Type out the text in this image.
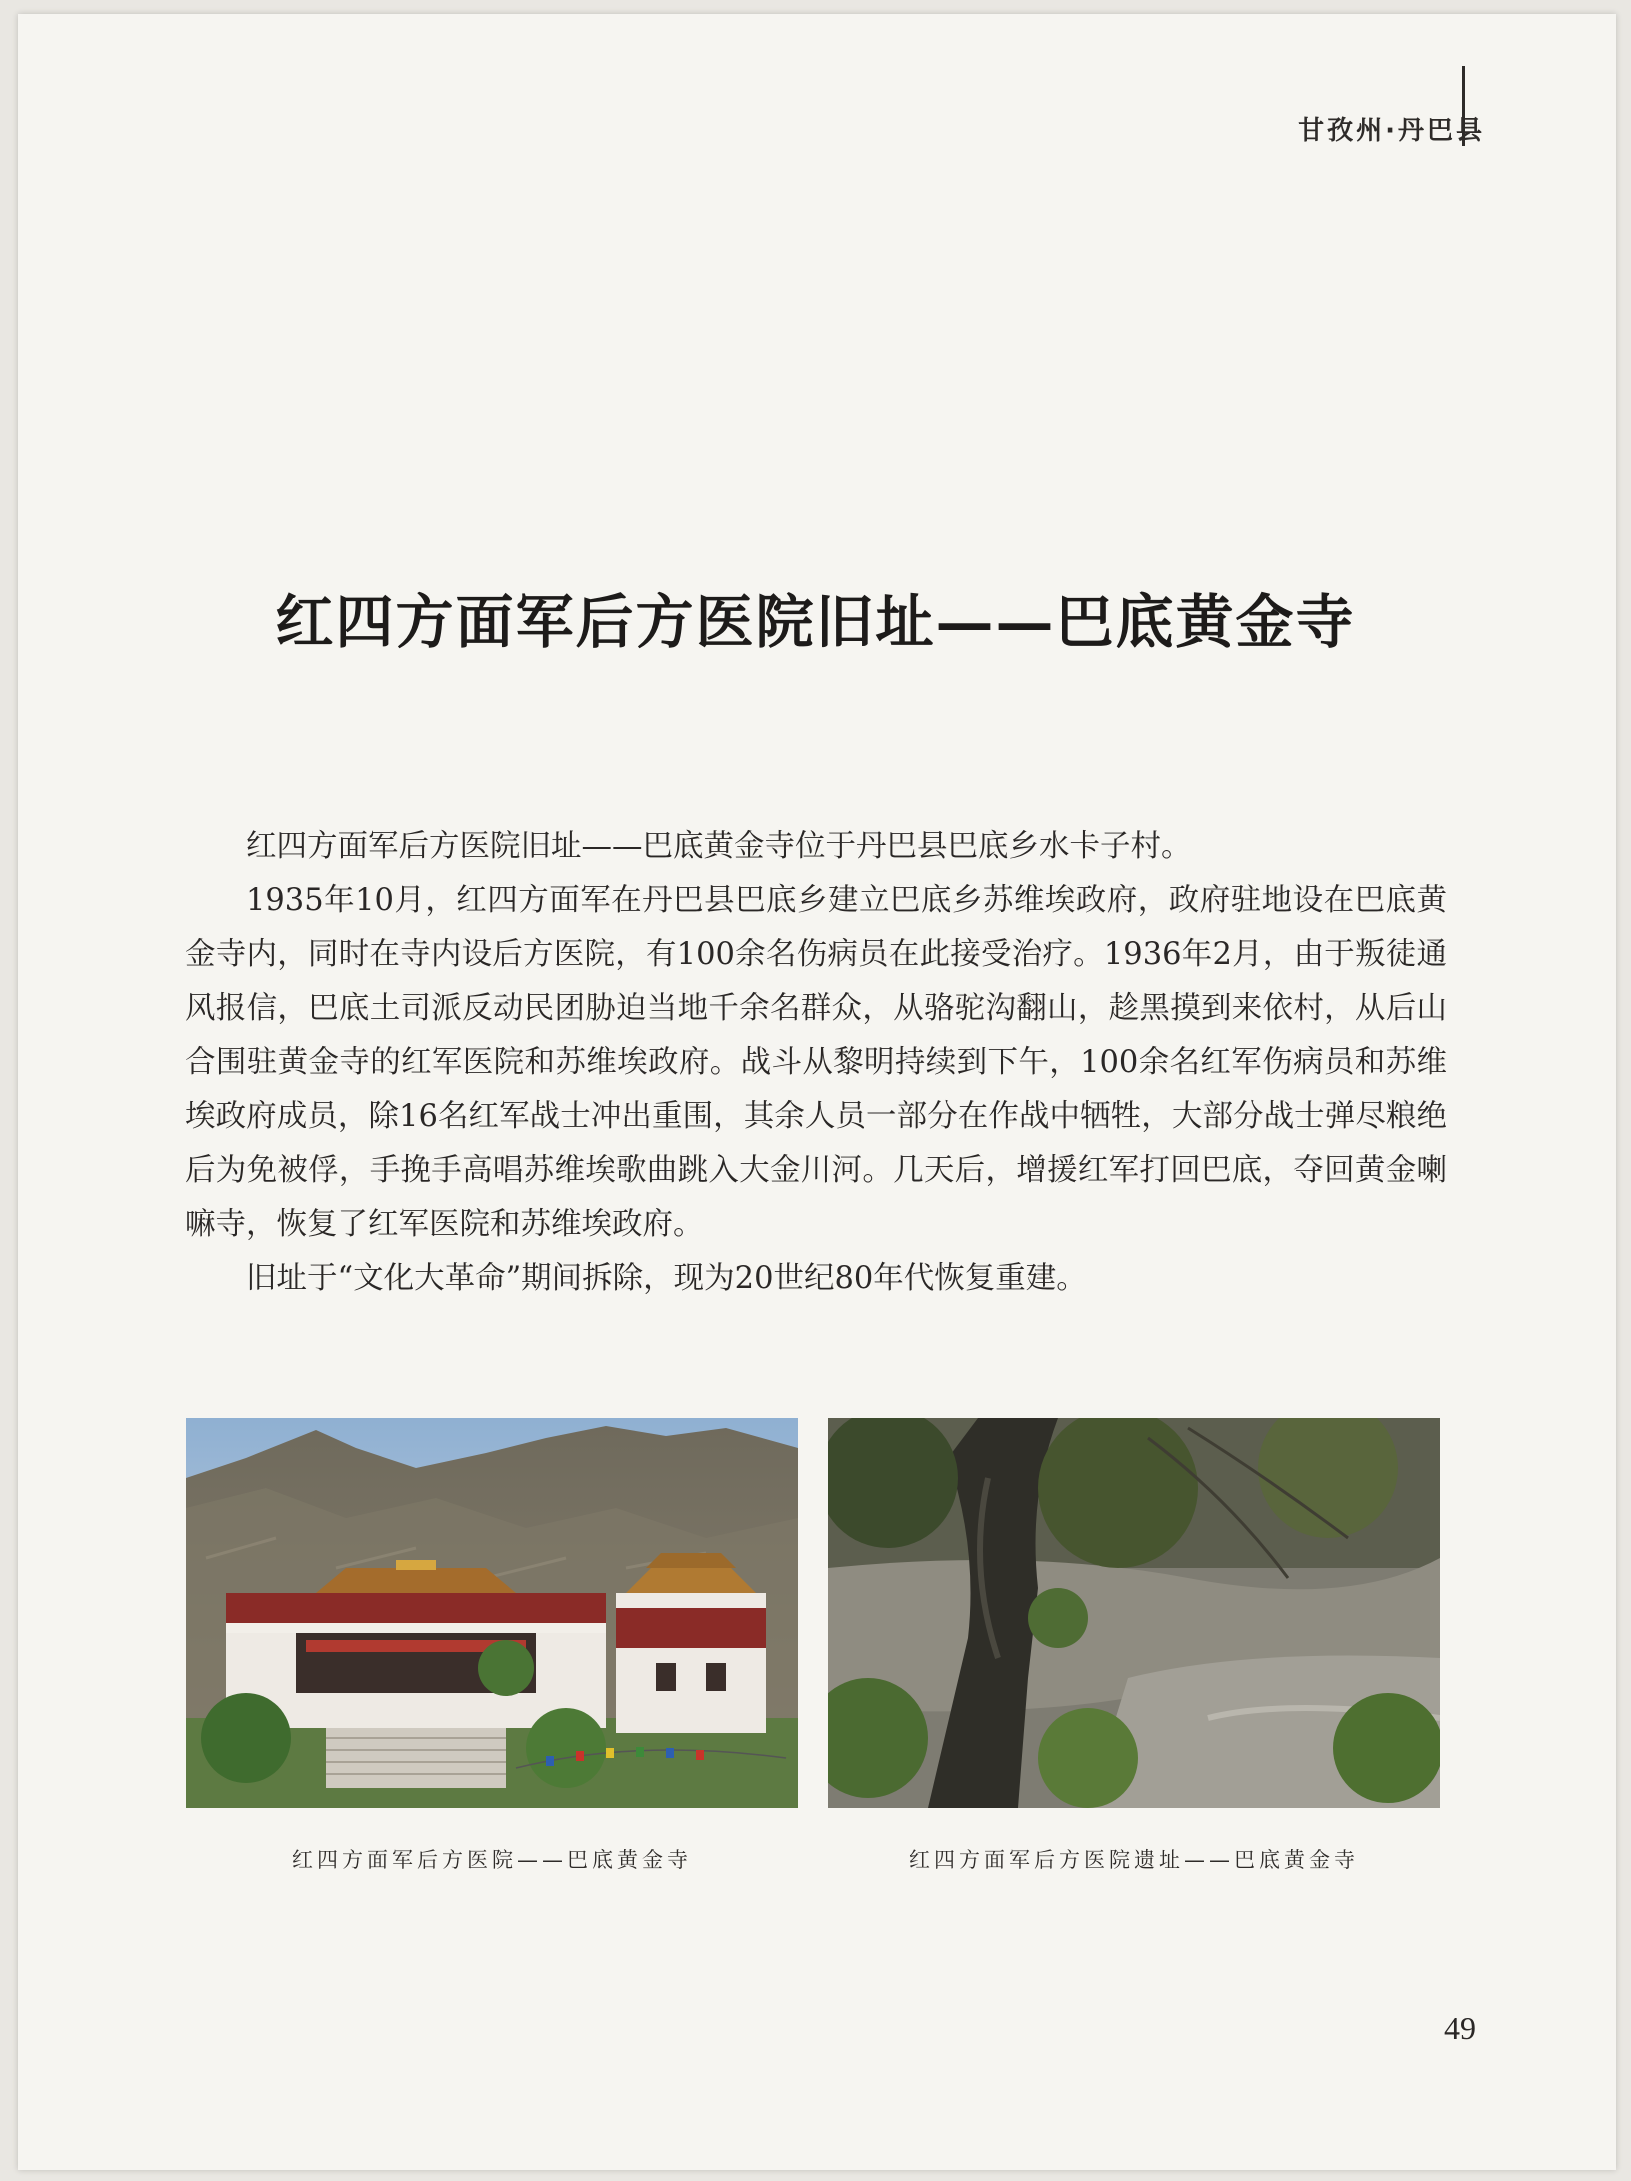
甘孜州·丹巴县
红四方面军后方医院旧址——巴底黄金寺

红四方面军后方医院旧址——巴底黄金寺位于丹巴县巴底乡水卡子村。

1935年10月，红四方面军在丹巴县巴底乡建立巴底乡苏维埃政府，政府驻地设在巴底黄金寺内，同时在寺内设后方医院，有100余名伤病员在此接受治疗。1936年2月，由于叛徒通风报信，巴底土司派反动民团胁迫当地千余名群众，从骆驼沟翻山，趁黑摸到来依村，从后山合围驻黄金寺的红军医院和苏维埃政府。战斗从黎明持续到下午，100余名红军伤病员和苏维埃政府成员，除16名红军战士冲出重围，其余人员一部分在作战中牺牲，大部分战士弹尽粮绝后为免被俘，手挽手高唱苏维埃歌曲跳入大金川河。几天后，增援红军打回巴底，夺回黄金喇嘛寺，恢复了红军医院和苏维埃政府。

旧址于“文化大革命”期间拆除，现为20世纪80年代恢复重建。

红四方面军后方医院——巴底黄金寺	红四方面军后方医院遗址——巴底黄金寺
49
